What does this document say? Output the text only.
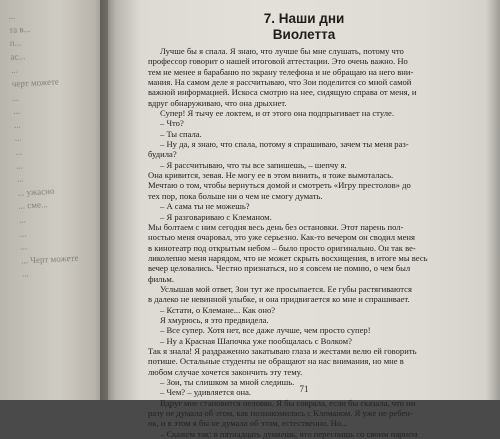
...
та в...
п...
ас...
...
черт можете
...
...
...
...
...
...
...
... ужасно
... сме...
...
...
...
... Черт можете
...
7. Наши дни
Виолетта
Лучше бы я спала. Я знаю, что лучше бы мне слушать, потому что
профессор говорит о нашей итоговой аттестации. Это очень важно. Но
тем не менее я барабаню по экрану телефона и не обращаю на него вни-
мания. На самом деле я рассчитываю, что Зои поделится со мной самой
важной информацией. Искоса смотрю на нее, сидящую справа от меня, и
вдруг обнаруживаю, что она дрыхнет.
Супер! Я тычу ее локтем, и от этого она подпрыгивает на стуле.
– Что?
– Ты спала.
– Ну да, я знаю, что спала, потому я спрашиваю, зачем ты меня раз-
будила?
– Я рассчитываю, что ты все запишешь, – шепчу я.
Она кривится, зевая. Не могу ее в этом винить, я тоже вымоталась.
Мечтаю о том, чтобы вернуться домой и смотреть «Игру престолов» до
тех пор, пока больше ни о чем не смогу думать.
– А сама ты не можешь?
– Я разговариваю с Клеманом.
Мы болтаем с ним сегодня весь день без остановки. Этот парень пол-
ностью меня очаровал, это уже серьезно. Как-то вечером он сводил меня
в кинотеатр под открытым небом – было просто оригинально. Он так ве-
ликолепно меня нарядом, что не может скрыть восхищения, в итоге мы весь
вечер целовались. Честно признаться, но я совсем не помню, о чем был
фильм.
Услышав мой ответ, Зои тут же просыпается. Ее губы растягиваются
в далеко не невинной улыбке, и она придвигается ко мне и спрашивает.
– Кстати, о Клемане... Как оно?
Я хмурюсь, я это предвидела.
– Все супер. Хотя нет, все даже лучше, чем просто супер!
– Ну а Красная Шапочка уже пообщалась с Волком?
Так я знала! Я раздраженно закатываю глаза и жестами велю ей говорить
потише. Остальные студенты не обращают на нас внимания, но мне в
любом случае хочется закончить эту тему.
– Зои, ты слишком за мной следишь.
– Чем? – удивляется она.
Вдруг мне становится неловко. Я бы соврала, если бы сказала, что ни
разу не думала об этом, как познакомилась с Клеманом. Я уже не ребен-
ок, и в этом я бы не думала об этом, естественно. Но...
– Скажем так: в пятнадцать думаешь, что переспишь со своим парнем
71
